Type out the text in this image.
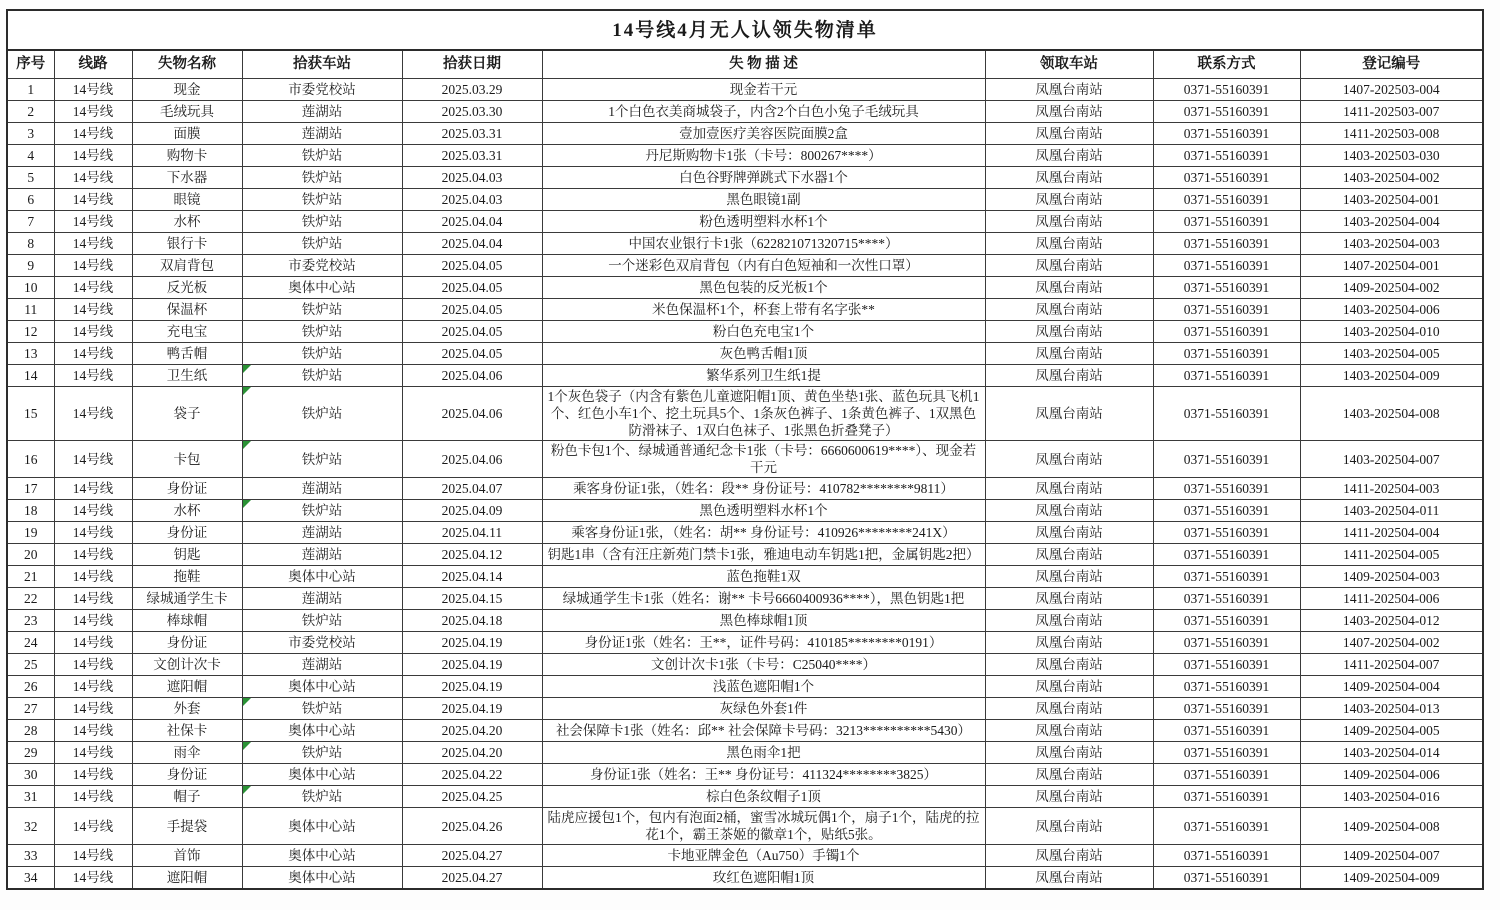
14号线4月无人认领失物清单								
序号	线路	失物名称	拾获车站	拾获日期	失 物 描 述	领取车站	联系方式	登记编号
1	14号线	现金	市委党校站	2025.03.29	现金若干元	凤凰台南站	0371-55160391	1407-202503-004
2	14号线	毛绒玩具	莲湖站	2025.03.30	1个白色衣美商城袋子，内含2个白色小兔子毛绒玩具	凤凰台南站	0371-55160391	1411-202503-007
3	14号线	面膜	莲湖站	2025.03.31	壹加壹医疗美容医院面膜2盒	凤凰台南站	0371-55160391	1411-202503-008
4	14号线	购物卡	铁炉站	2025.03.31	丹尼斯购物卡1张（卡号：800267****）	凤凰台南站	0371-55160391	1403-202503-030
5	14号线	下水器	铁炉站	2025.04.03	白色谷野牌弹跳式下水器1个	凤凰台南站	0371-55160391	1403-202504-002
6	14号线	眼镜	铁炉站	2025.04.03	黑色眼镜1副	凤凰台南站	0371-55160391	1403-202504-001
7	14号线	水杯	铁炉站	2025.04.04	粉色透明塑料水杯1个	凤凰台南站	0371-55160391	1403-202504-004
8	14号线	银行卡	铁炉站	2025.04.04	中国农业银行卡1张（622821071320715****）	凤凰台南站	0371-55160391	1403-202504-003
9	14号线	双肩背包	市委党校站	2025.04.05	一个迷彩色双肩背包（内有白色短袖和一次性口罩）	凤凰台南站	0371-55160391	1407-202504-001
10	14号线	反光板	奥体中心站	2025.04.05	黑色包装的反光板1个	凤凰台南站	0371-55160391	1409-202504-002
11	14号线	保温杯	铁炉站	2025.04.05	米色保温杯1个，杯套上带有名字张**	凤凰台南站	0371-55160391	1403-202504-006
12	14号线	充电宝	铁炉站	2025.04.05	粉白色充电宝1个	凤凰台南站	0371-55160391	1403-202504-010
13	14号线	鸭舌帽	铁炉站	2025.04.05	灰色鸭舌帽1顶	凤凰台南站	0371-55160391	1403-202504-005
14	14号线	卫生纸	铁炉站	2025.04.06	繁华系列卫生纸1提	凤凰台南站	0371-55160391	1403-202504-009
15	14号线	袋子	铁炉站	2025.04.06	1个灰色袋子（内含有紫色儿童遮阳帽1顶、黄色坐垫1张、蓝色玩具飞机1个、红色小车1个、挖土玩具5个、1条灰色裤子、1条黄色裤子、1双黑色防滑袜子、1双白色袜子、1张黑色折叠凳子）	凤凰台南站	0371-55160391	1403-202504-008
16	14号线	卡包	铁炉站	2025.04.06	粉色卡包1个、绿城通普通纪念卡1张（卡号：6660600619****）、现金若干元	凤凰台南站	0371-55160391	1403-202504-007
17	14号线	身份证	莲湖站	2025.04.07	乘客身份证1张，（姓名：段** 身份证号：410782********9811）	凤凰台南站	0371-55160391	1411-202504-003
18	14号线	水杯	铁炉站	2025.04.09	黑色透明塑料水杯1个	凤凰台南站	0371-55160391	1403-202504-011
19	14号线	身份证	莲湖站	2025.04.11	乘客身份证1张，（姓名：胡** 身份证号：410926********241X）	凤凰台南站	0371-55160391	1411-202504-004
20	14号线	钥匙	莲湖站	2025.04.12	钥匙1串（含有汪庄新苑门禁卡1张，雅迪电动车钥匙1把，金属钥匙2把）	凤凰台南站	0371-55160391	1411-202504-005
21	14号线	拖鞋	奥体中心站	2025.04.14	蓝色拖鞋1双	凤凰台南站	0371-55160391	1409-202504-003
22	14号线	绿城通学生卡	莲湖站	2025.04.15	绿城通学生卡1张（姓名：谢** 卡号6660400936****），黑色钥匙1把	凤凰台南站	0371-55160391	1411-202504-006
23	14号线	棒球帽	铁炉站	2025.04.18	黑色棒球帽1顶	凤凰台南站	0371-55160391	1403-202504-012
24	14号线	身份证	市委党校站	2025.04.19	身份证1张（姓名：王**，证件号码：410185********0191）	凤凰台南站	0371-55160391	1407-202504-002
25	14号线	文创计次卡	莲湖站	2025.04.19	文创计次卡1张（卡号：C25040****）	凤凰台南站	0371-55160391	1411-202504-007
26	14号线	遮阳帽	奥体中心站	2025.04.19	浅蓝色遮阳帽1个	凤凰台南站	0371-55160391	1409-202504-004
27	14号线	外套	铁炉站	2025.04.19	灰绿色外套1件	凤凰台南站	0371-55160391	1403-202504-013
28	14号线	社保卡	奥体中心站	2025.04.20	社会保障卡1张（姓名：邱** 社会保障卡号码：3213**********5430）	凤凰台南站	0371-55160391	1409-202504-005
29	14号线	雨伞	铁炉站	2025.04.20	黑色雨伞1把	凤凰台南站	0371-55160391	1403-202504-014
30	14号线	身份证	奥体中心站	2025.04.22	身份证1张（姓名：王** 身份证号：411324********3825）	凤凰台南站	0371-55160391	1409-202504-006
31	14号线	帽子	铁炉站	2025.04.25	棕白色条纹帽子1顶	凤凰台南站	0371-55160391	1403-202504-016
32	14号线	手提袋	奥体中心站	2025.04.26	陆虎应援包1个，包内有泡面2桶，蜜雪冰城玩偶1个，扇子1个，陆虎的拉花1个，霸王茶姬的徽章1个，贴纸5张。	凤凰台南站	0371-55160391	1409-202504-008
33	14号线	首饰	奥体中心站	2025.04.27	卡地亚牌金色（Au750）手镯1个	凤凰台南站	0371-55160391	1409-202504-007
34	14号线	遮阳帽	奥体中心站	2025.04.27	玫红色遮阳帽1顶	凤凰台南站	0371-55160391	1409-202504-009
